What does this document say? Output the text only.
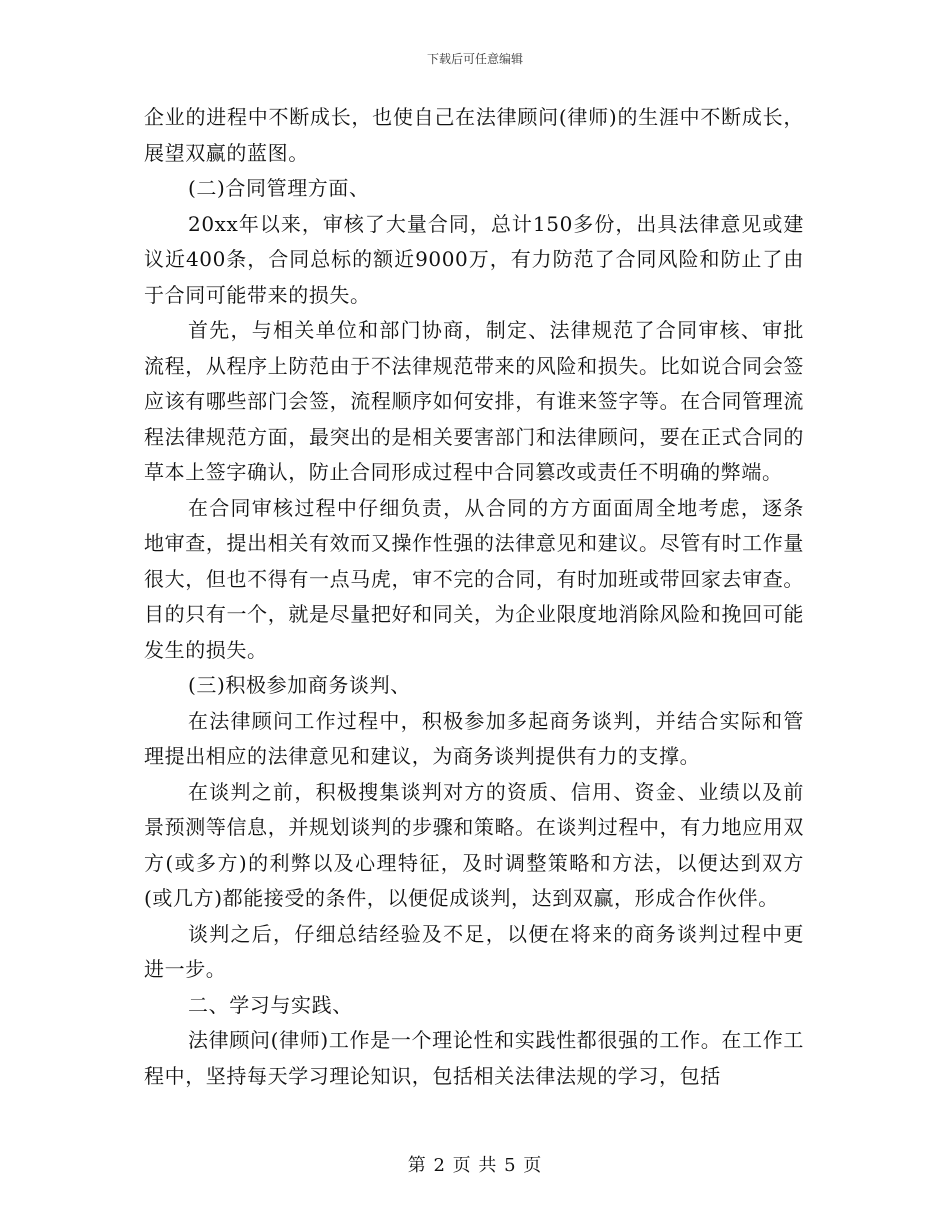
下载后可任意编辑

企业的进程中不断成长，也使自己在法律顾问(律师)的生涯中不断成长，展望双赢的蓝图。

(二)合同管理方面、

20xx年以来，审核了大量合同，总计150多份，出具法律意见或建议近400条，合同总标的额近9000万，有力防范了合同风险和防止了由于合同可能带来的损失。

首先，与相关单位和部门协商，制定、法律规范了合同审核、审批流程，从程序上防范由于不法律规范带来的风险和损失。比如说合同会签应该有哪些部门会签，流程顺序如何安排，有谁来签字等。在合同管理流程法律规范方面，最突出的是相关要害部门和法律顾问，要在正式合同的草本上签字确认，防止合同形成过程中合同篡改或责任不明确的弊端。

在合同审核过程中仔细负责，从合同的方方面面周全地考虑，逐条地审查，提出相关有效而又操作性强的法律意见和建议。尽管有时工作量很大，但也不得有一点马虎，审不完的合同，有时加班或带回家去审查。目的只有一个，就是尽量把好和同关，为企业限度地消除风险和挽回可能发生的损失。

(三)积极参加商务谈判、

在法律顾问工作过程中，积极参加多起商务谈判，并结合实际和管理提出相应的法律意见和建议，为商务谈判提供有力的支撑。

在谈判之前，积极搜集谈判对方的资质、信用、资金、业绩以及前景预测等信息，并规划谈判的步骤和策略。在谈判过程中，有力地应用双方(或多方)的利弊以及心理特征，及时调整策略和方法，以便达到双方(或几方)都能接受的条件，以便促成谈判，达到双赢，形成合作伙伴。

谈判之后，仔细总结经验及不足，以便在将来的商务谈判过程中更进一步。

二、学习与实践、

法律顾问(律师)工作是一个理论性和实践性都很强的工作。在工作工程中，坚持每天学习理论知识，包括相关法律法规的学习，包括

第 2 页 共 5 页
